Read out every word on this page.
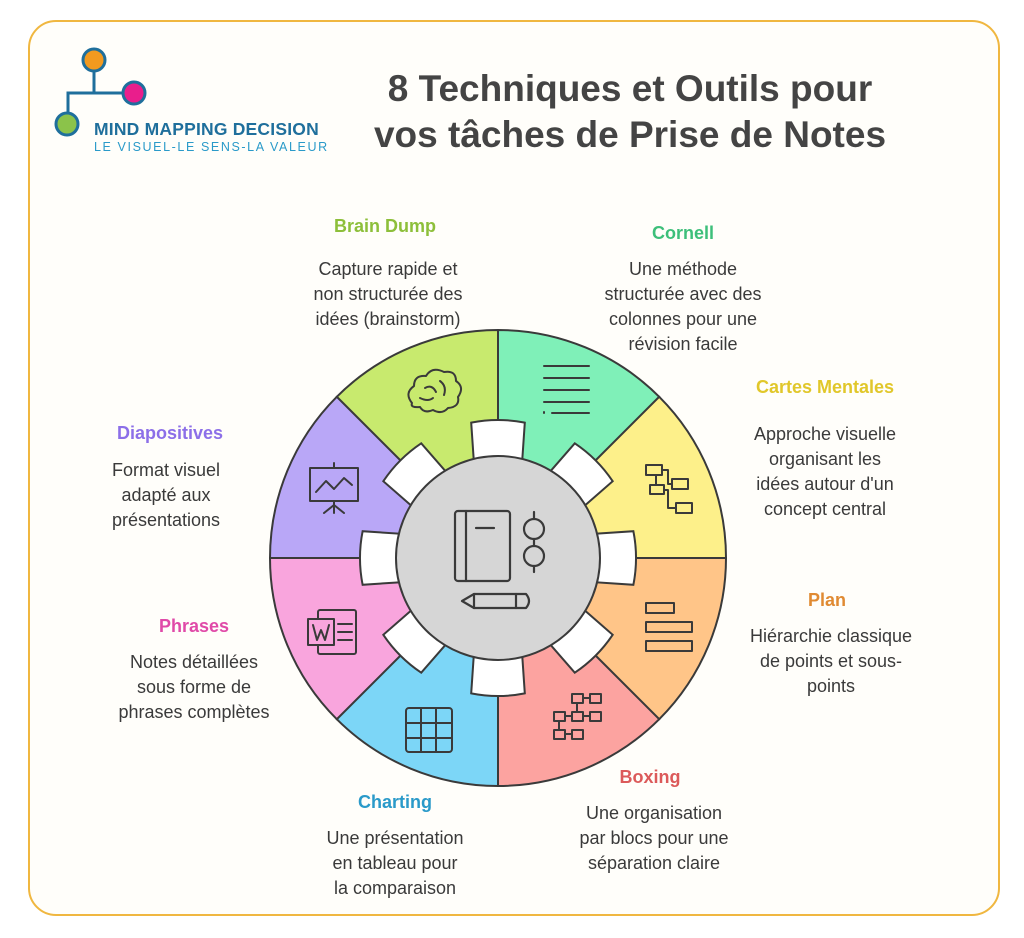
MIND MAPPING DECISION
LE VISUEL-LE SENS-LA VALEUR
8 Techniques et Outils pour
vos tâches de Prise de Notes
Brain Dump
Capture rapide et
non structurée des
idées (brainstorm)
Cornell
Une méthode
structurée avec des
colonnes pour une
révision facile
Cartes Mentales
Approche visuelle
organisant les
idées autour d'un
concept central
Plan
Hiérarchie classique
de points et sous-
points
Boxing
Une organisation
par blocs pour une
séparation claire
Charting
Une présentation
en tableau pour
la comparaison
Phrases
Notes détaillées
sous forme de
phrases complètes
Diapositives
Format visuel
adapté aux
présentations
